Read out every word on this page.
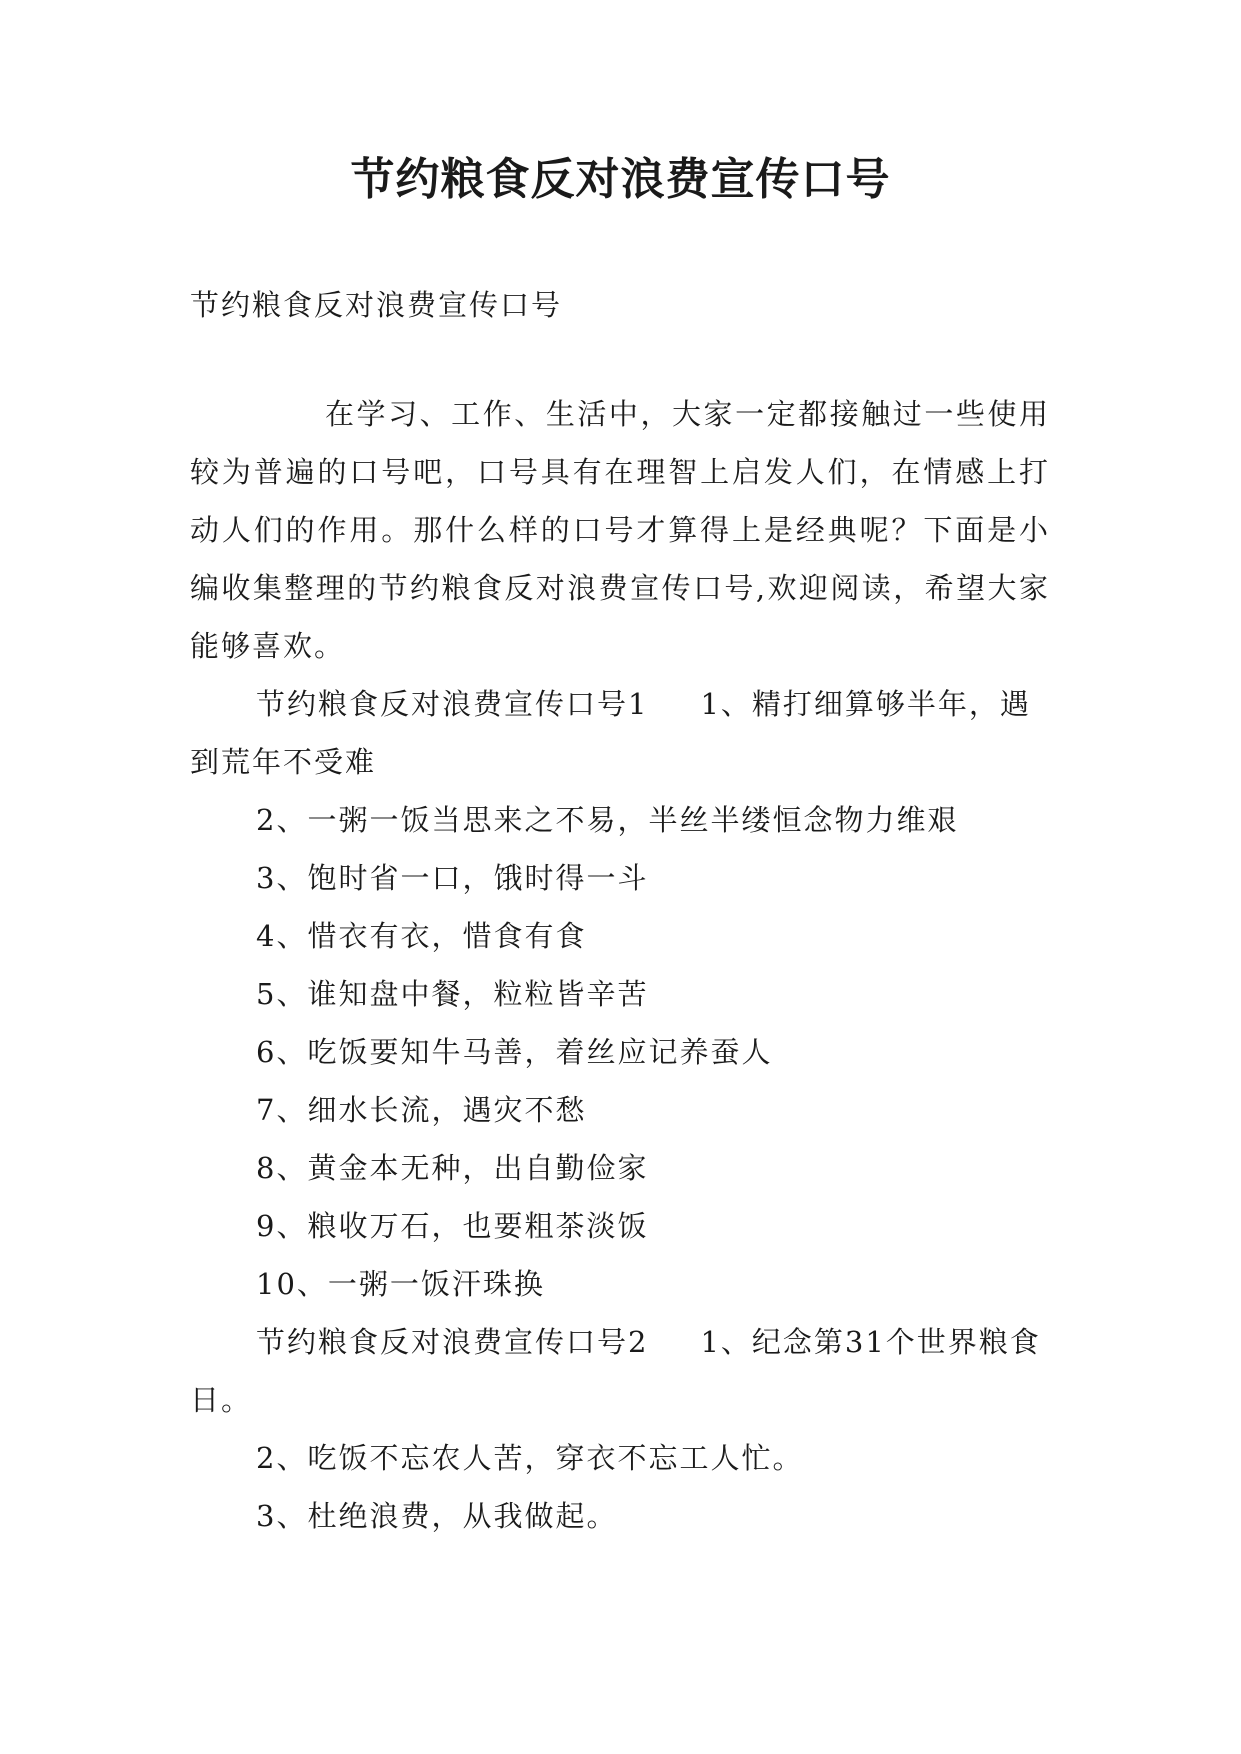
节约粮食反对浪费宣传口号

节约粮食反对浪费宣传口号

在学习、工作、生活中，大家一定都接触过一些使用较为普遍的口号吧，口号具有在理智上启发人们，在情感上打动人们的作用。那什么样的口号才算得上是经典呢？下面是小编收集整理的节约粮食反对浪费宣传口号,欢迎阅读，希望大家能够喜欢。

节约粮食反对浪费宣传口号1 1、精打细算够半年，遇到荒年不受难

2、一粥一饭当思来之不易，半丝半缕恒念物力维艰

3、饱时省一口，饿时得一斗

4、惜衣有衣，惜食有食

5、谁知盘中餐，粒粒皆辛苦

6、吃饭要知牛马善，着丝应记养蚕人

7、细水长流，遇灾不愁

8、黄金本无种，出自勤俭家

9、粮收万石，也要粗茶淡饭

10、一粥一饭汗珠换

节约粮食反对浪费宣传口号2 1、纪念第31个世界粮食日。

2、吃饭不忘农人苦，穿衣不忘工人忙。

3、杜绝浪费，从我做起。
